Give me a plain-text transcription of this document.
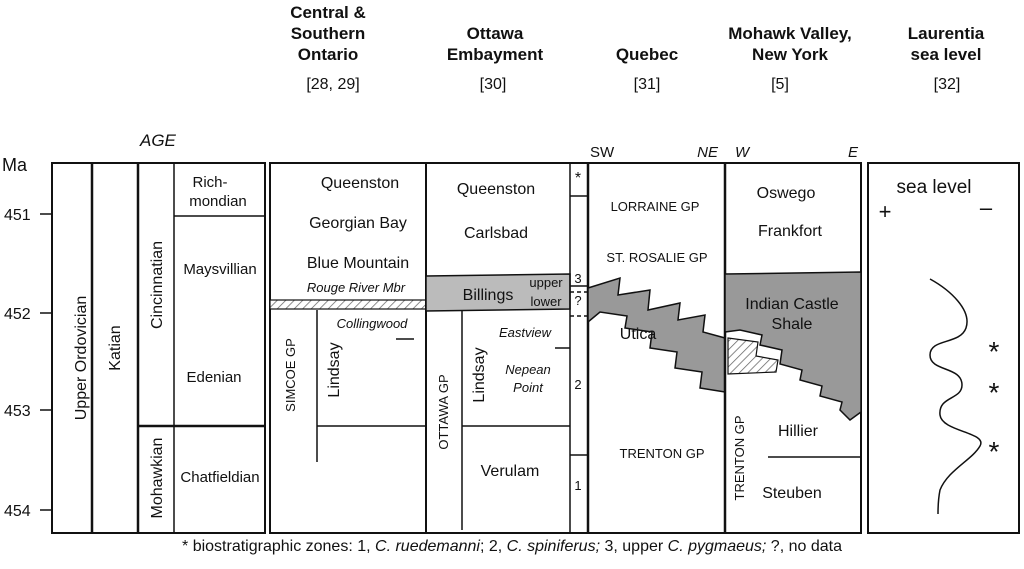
Central &
Southern
Ontario
[28, 29]
Ottawa
Embayment
[30]
Quebec
[31]
Mohawk Valley,
New York
[5]
Laurentia
sea level
[32]
Ma
AGE
451
452
453
454
Upper Ordovician Katian
Cincinnatian
Mohawkian
Rich-
mondian
Maysvillian
Edenian
Chatfieldian
Queenston
Georgian Bay
Blue Mountain
Rouge River Mbr
Collingwood
SIMCOE GP Lindsay
Queenston
Carlsbad
Billings
upper
lower
Eastview
Nepean
Point
OTTAWA GP Lindsay
Verulam
*
3
?
2
1
SW	NE
LORRAINE GP
ST. ROSALIE GP
Utica
TRENTON GP
W	E
Oswego
Frankfort
Indian Castle
Shale
TRENTON GP Hillier
Steuben
sea level
+	–
*
*
*
* biostratigraphic zones: 1, C. ruedemanni; 2, C. spiniferus; 3, upper C. pygmaeus; ?, no data
